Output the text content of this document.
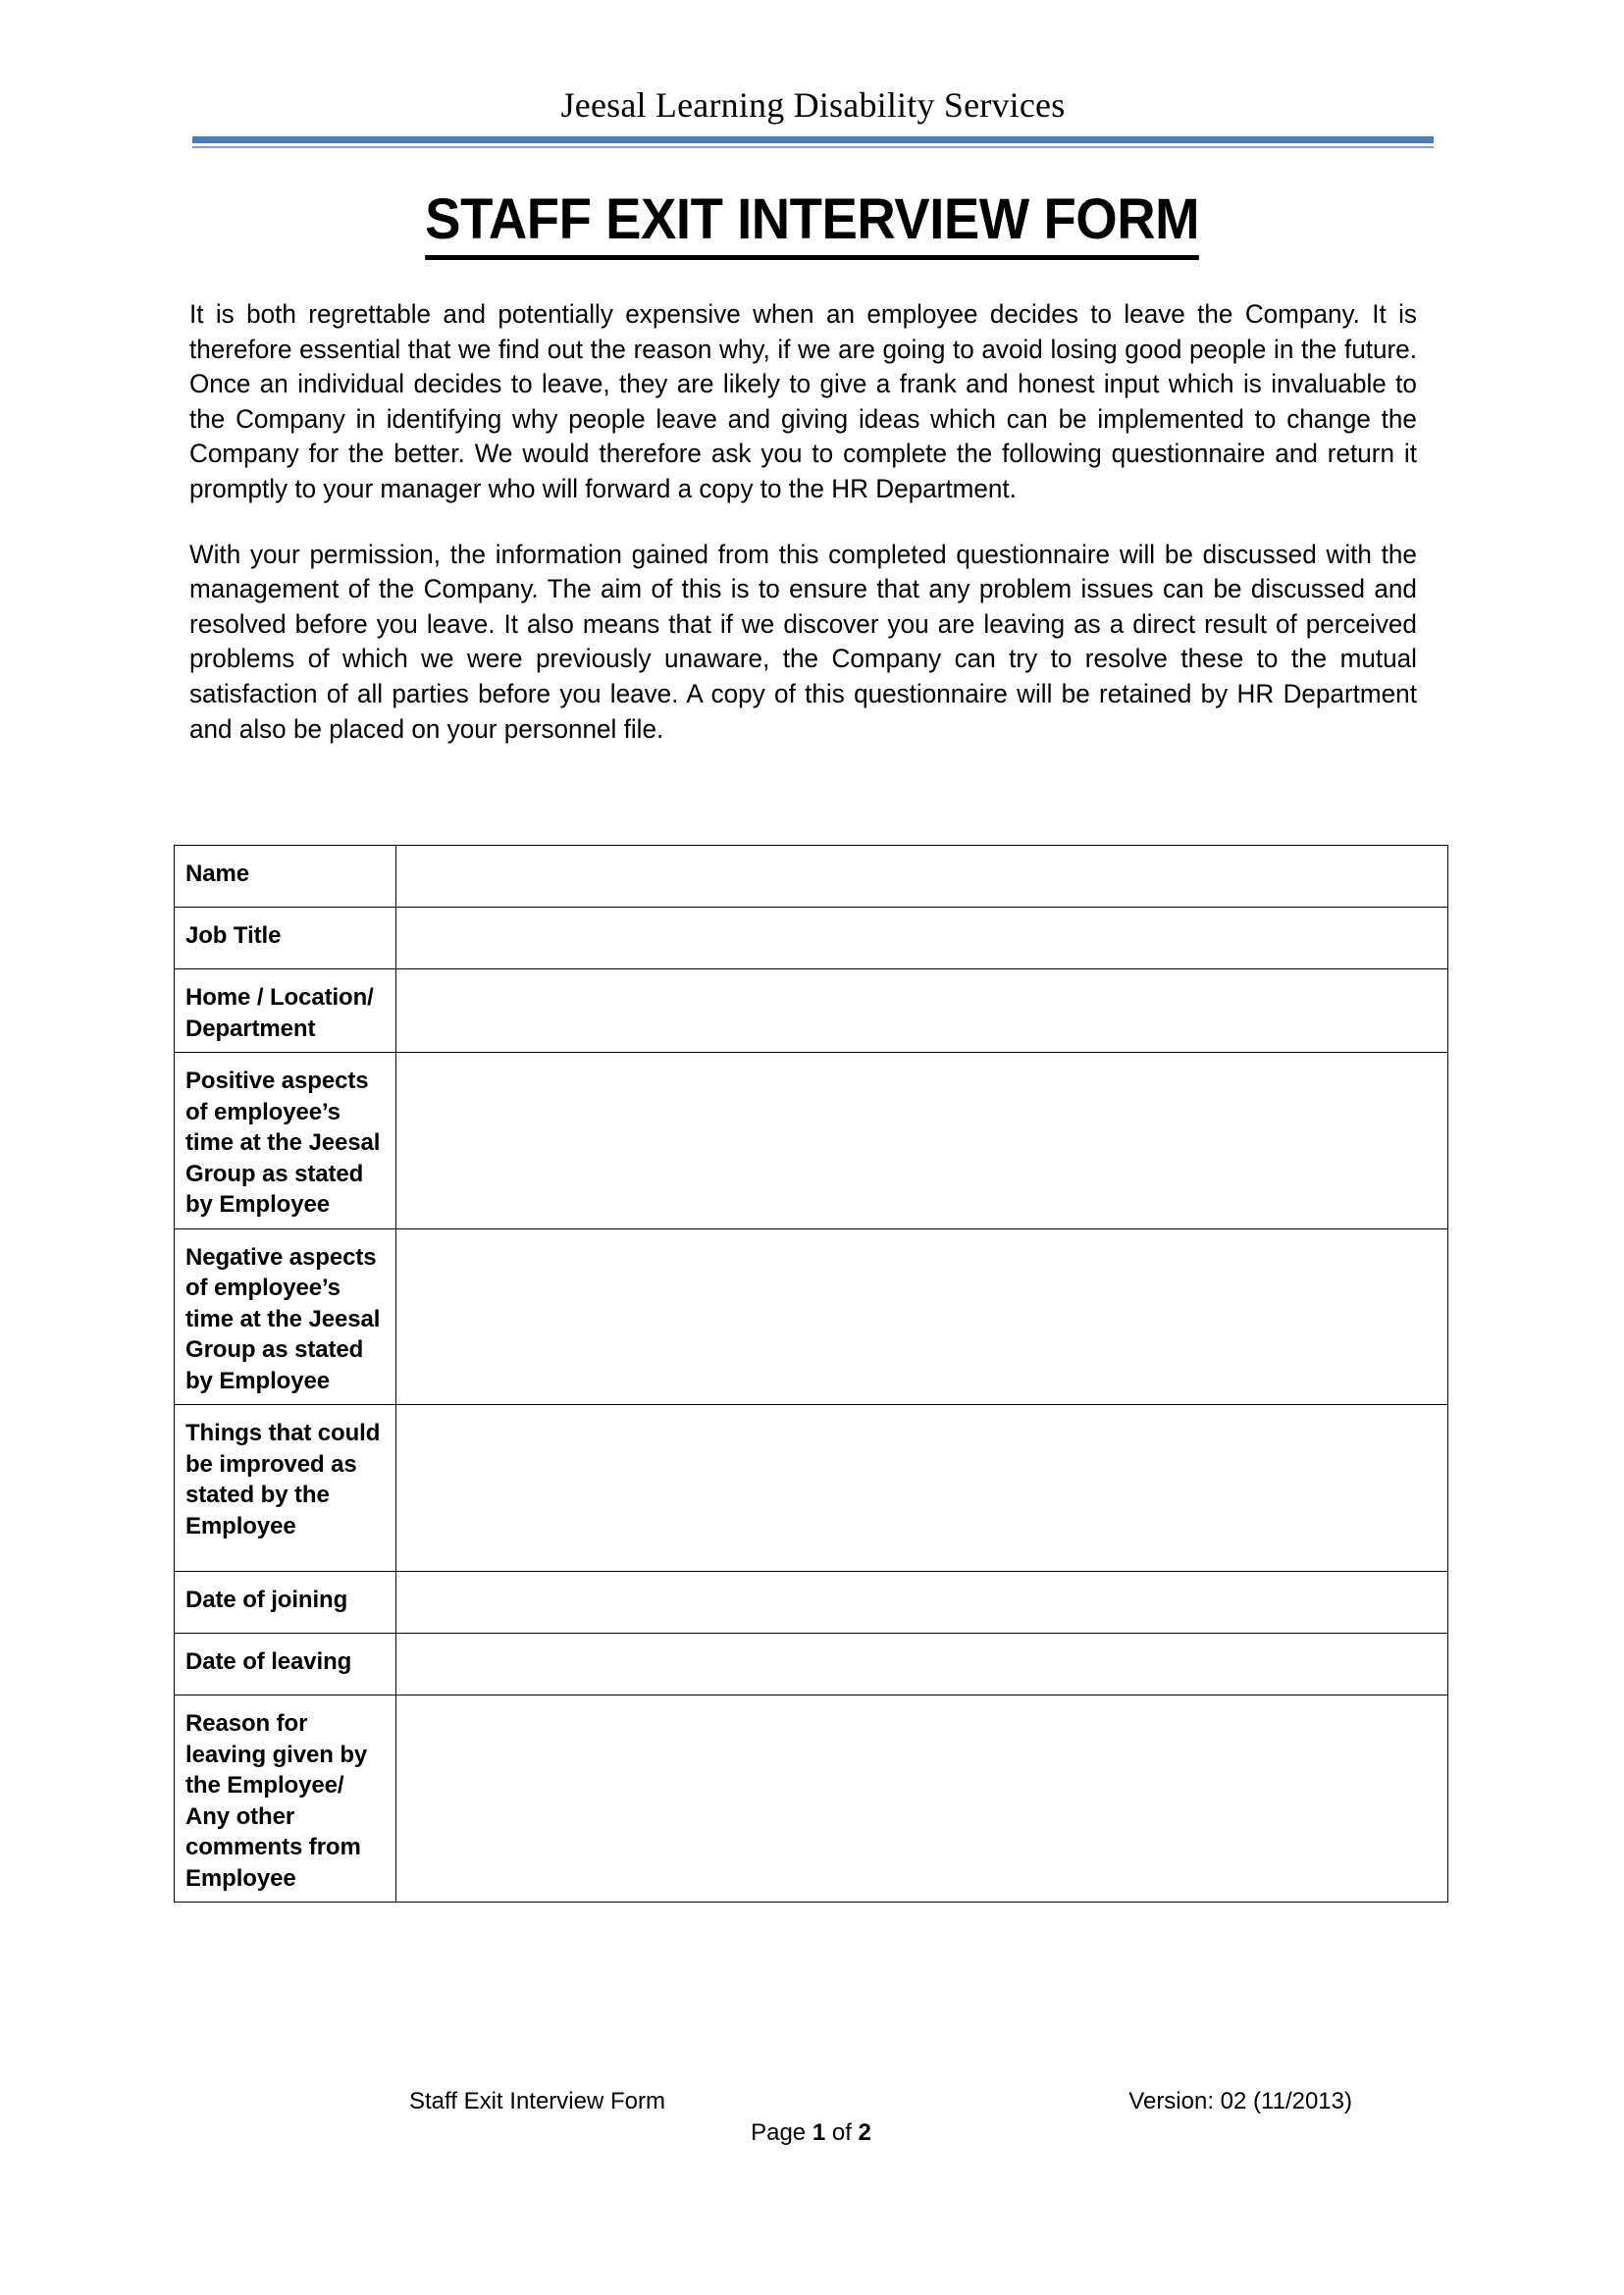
Jeesal Learning Disability Services
STAFF EXIT INTERVIEW FORM

It is both regrettable and potentially expensive when an employee decides to leave the Company. It is therefore essential that we find out the reason why, if we are going to avoid losing good people in the future. Once an individual decides to leave, they are likely to give a frank and honest input which is invaluable to the Company in identifying why people leave and giving ideas which can be implemented to change the Company for the better. We would therefore ask you to complete the following questionnaire and return it promptly to your manager who will forward a copy to the HR Department.

With your permission, the information gained from this completed questionnaire will be discussed with the management of the Company. The aim of this is to ensure that any problem issues can be discussed and resolved before you leave. It also means that if we discover you are leaving as a direct result of perceived problems of which we were previously unaware, the Company can try to resolve these to the mutual satisfaction of all parties before you leave. A copy of this questionnaire will be retained by HR Department and also be placed on your personnel file.

Name	
Job Title	
Home / Location/ Department	
Positive aspects of employee’s time at the Jeesal Group as stated by Employee	
Negative aspects of employee’s time at the Jeesal Group as stated by Employee	
Things that could be improved as stated by the Employee	
Date of joining	
Date of leaving	
Reason for leaving given by the Employee/ Any other comments from Employee	
Staff Exit Interview Form	Version: 02 (11/2013)
Page 1 of 2
